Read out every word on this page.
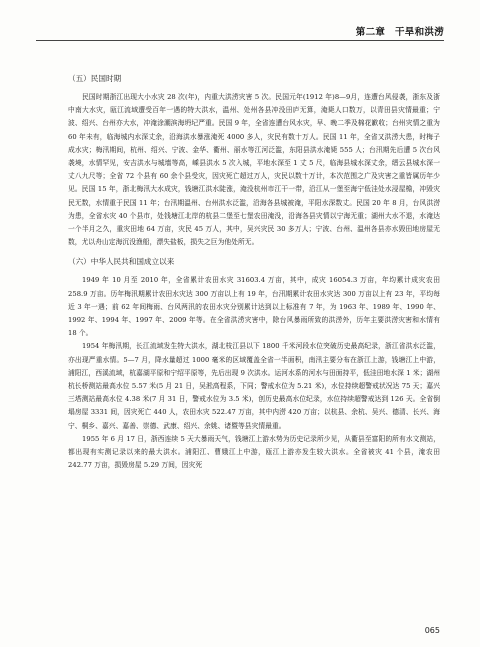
第二章　干旱和洪涝
（五）民国时期

民国时期浙江出现大小水灾 28 次(年)，内重大洪涝灾害 5 次。民国元年(1912 年)8—9月，连遭台风侵袭，浙东及浙中南大水灾，瓯江流域遭受百年一遇的特大洪水，温州、处州各县冲没田庐无算，淹毙人口数万，以青田县灾情最重；宁波、绍兴、台州亦大水，冲淹涂潮滨海坍圮严重。民国 9 年，全省连遭台风水灾，早、晚二季及棉花歉收；台州灾情之重为 60 年未有，临海城内水深丈余，沿海洪水暴涨淹死 4000 多人，灾民有数十万人。民国 11 年，全省又洪涝大患，时梅子成水灾；梅汛期间，杭州、绍兴、宁波、金华、衢州、丽水等江河泛滥，东阳县洪水淹毙 555 人；台汛期先后遭 5 次台风袭境，水情罕见，安吉洪水与城墙等高，嵊县洪水 5 次入城，平地水深至 1 丈 5 尺，临海县城水深丈余，缙云县城水深一丈八九尺等；全省 72 个县有 60 余个县受灾，因灾死亡超过万人，灾民以数十万计，本次范围之广及灾害之重皆属历年少见。民国 15 年，浙北梅汛大水成灾，钱塘江洪水陡涨，淹没杭州市江干一带，沿江从一堡至海宁低洼处水浸屋檐，冲毁灾民无数，水情重于民国 11 年；台汛期温州、台州洪水泛滥，沿海各县城被淹，平阳水深数丈。民国 20 年 8 月，台风洪涝为患，全省水灾 40 个县市，处钱塘江北岸的杭县二堡至七堡农田淹没，沿海各县灾情以宁海无重；湖州大水不退，水淹达一个半月之久，重灾田地 64 万亩，灾民 45 万人，其中，吴兴灾民 30 多万人；宁波、台州、温州各县亦水毁田地房屋无数，尤以舟山定海沉没渔船，漂失盐板，损失之巨为他处所无。

（六）中华人民共和国成立以来

1949 年 10 月至 2010 年，全省累计农田水灾 31603.4 万亩，其中，成灾 16054.3 万亩，年均累计成灾农田 258.9 万亩。历年梅汛期累计农田水灾达 300 万亩以上有 19 年，台汛期累计农田水灾达 300 万亩以上有 23 年，平均每近 3 年一遇；前 62 年间梅雨、台风两汛的农田水灾分别累计达到以上标准有 7 年，为 1963 年、1989 年、1990 年、1992 年、1994 年、1997 年、2009 年等。在全省洪涝灾害中，除台风暴雨所致的洪涝外，历年主要洪涝灾害和水情有 18 个。

1954 年梅汛期，长江流域发生特大洪水，湖北枝江县以下 1800 千米河段水位突破历史最高纪录，浙江省洪水泛滥，亦出现严重水情。5—7 月，降水量超过 1000 毫米的区域覆盖全省一半面积，南汛主要分布在浙江上游，钱塘江上中游，浦阳江，西溪流域，杭嘉湖平原和宁绍平原等，先后出现 9 次洪水。运河水系的河水与田面持平，低洼田地水深 1 米；湖州杭长桥测站最高水位 5.57 米(5 月 21 日，吴淞高程系，下同；警戒水位为 5.21 米)，水位持续超警戒状况达 75 天；嘉兴三塔测站最高水位 4.38 米(7 月 31 日，警戒水位为 3.5 米)，创历史最高水位纪录，水位持续超警戒达到 126 天。全省倒塌房屋 3331 间，因灾死亡 440 人，农田水灾 522.47 万亩，其中内涝 420 万亩；以杭县、余杭、吴兴、德清、长兴、海宁、桐乡、嘉兴、嘉善、崇德、武康、绍兴、余姚、诸暨等县灾情最重。

1955 年 6 月 17 日，浙西连续 5 天大暴雨天气，钱塘江上游水势为历史记录所少见，从衢县至富阳的所有水文测站，都出现有实测记录以来的最大洪水。浦阳江、曹娥江上中游，瓯江上游亦发生较大洪水。全省被灾 41 个县，淹农田 242.77 万亩，损毁房屋 5.29 万间，因灾死

065
